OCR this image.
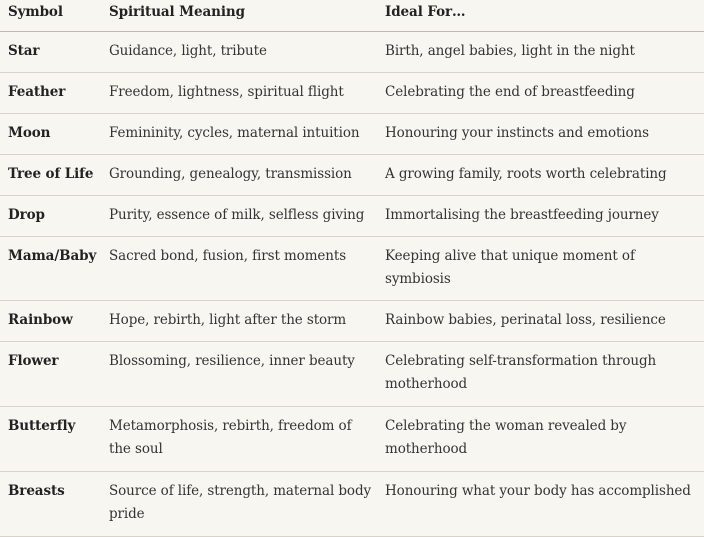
Symbol	Spiritual Meaning	Ideal For…
Star	Guidance, light, tribute	Birth, angel babies, light in the night
Feather	Freedom, lightness, spiritual flight	Celebrating the end of breastfeeding
Moon	Femininity, cycles, maternal intuition	Honouring your instincts and emotions
Tree of Life	Grounding, genealogy, transmission	A growing family, roots worth celebrating
Drop	Purity, essence of milk, selfless giving	Immortalising the breastfeeding journey
Mama/Baby	Sacred bond, fusion, first moments	Keeping alive that unique moment of symbiosis
Rainbow	Hope, rebirth, light after the storm	Rainbow babies, perinatal loss, resilience
Flower	Blossoming, resilience, inner beauty	Celebrating self-transformation through motherhood
Butterfly	Metamorphosis, rebirth, freedom of the soul	Celebrating the woman revealed by motherhood
Breasts	Source of life, strength, maternal body pride	Honouring what your body has accomplished
